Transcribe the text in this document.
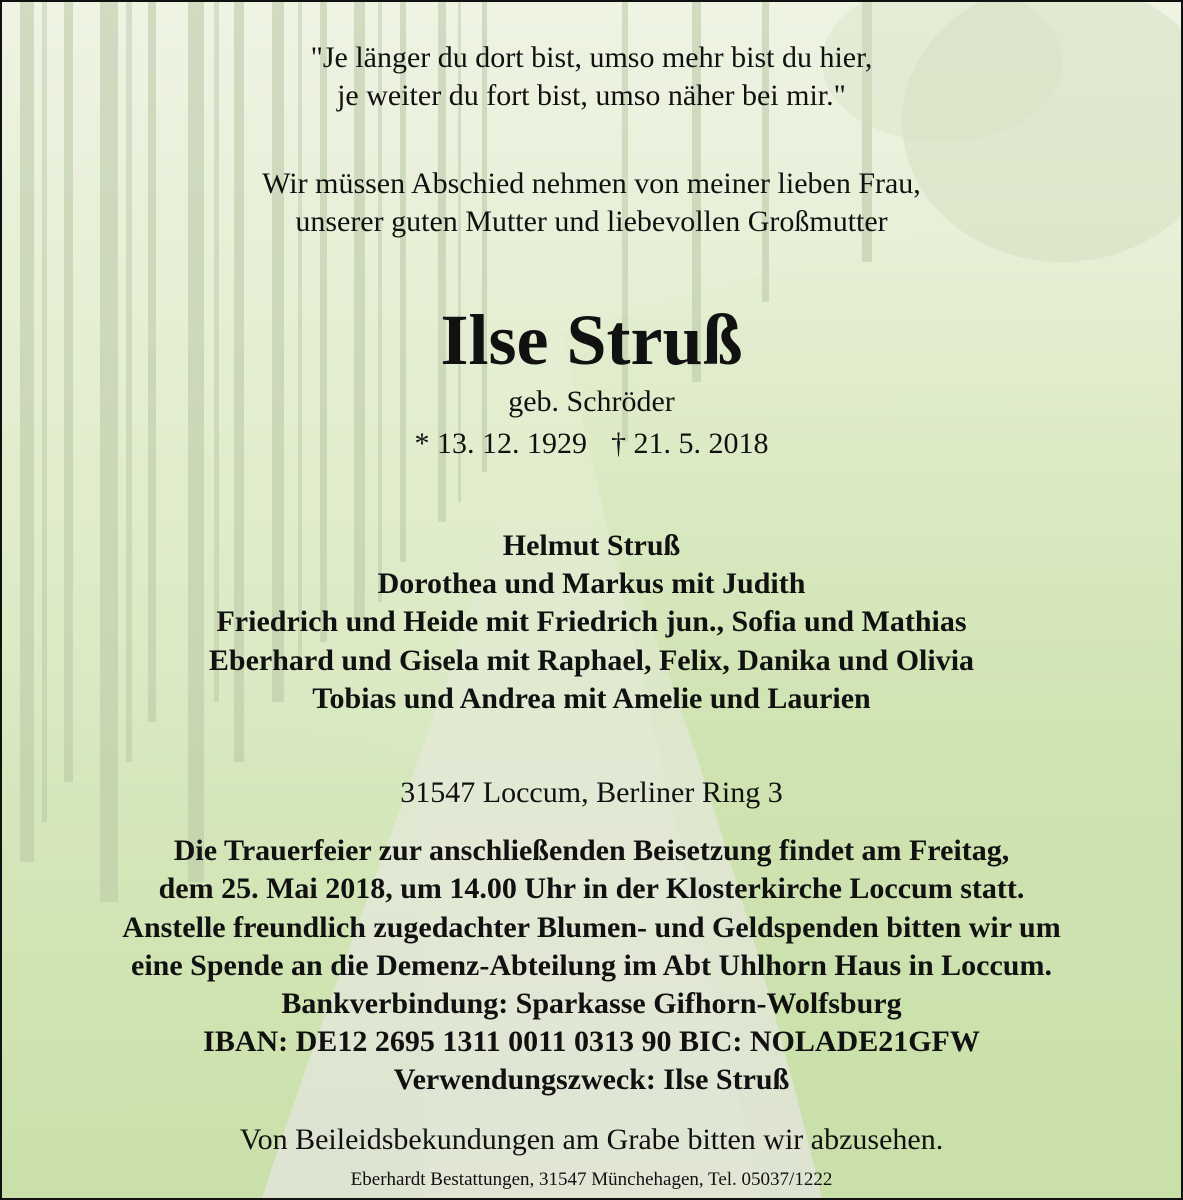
"Je länger du dort bist, umso mehr bist du hier,
je weiter du fort bist, umso näher bei mir."
Wir müssen Abschied nehmen von meiner lieben Frau,
unserer guten Mutter und liebevollen Großmutter
Ilse Struß
geb. Schröder
* 13. 12. 1929 † 21. 5. 2018
Helmut Struß
Dorothea und Markus mit Judith
Friedrich und Heide mit Friedrich jun., Sofia und Mathias
Eberhard und Gisela mit Raphael, Felix, Danika und Olivia
Tobias und Andrea mit Amelie und Laurien
31547 Loccum, Berliner Ring 3
Die Trauerfeier zur anschließenden Beisetzung findet am Freitag,
dem 25. Mai 2018, um 14.00 Uhr in der Klosterkirche Loccum statt.
Anstelle freundlich zugedachter Blumen- und Geldspenden bitten wir um
eine Spende an die Demenz-Abteilung im Abt Uhlhorn Haus in Loccum.
Bankverbindung: Sparkasse Gifhorn-Wolfsburg
IBAN: DE12 2695 1311 0011 0313 90 BIC: NOLADE21GFW
Verwendungszweck: Ilse Struß
Von Beileidsbekundungen am Grabe bitten wir abzusehen.
Eberhardt Bestattungen, 31547 Münchehagen, Tel. 05037/1222
